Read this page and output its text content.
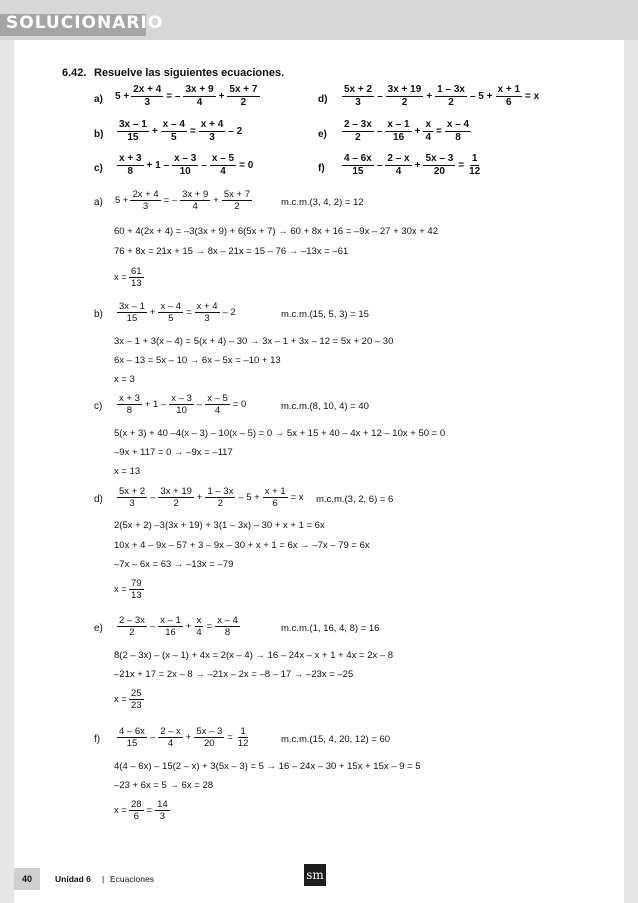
SOLUCIONARIO
6.42. Resuelve las siguientes ecuaciones.
a) $5 + \frac{2x + 4}{3}$ = – $\frac{3x + 9}{4} + \frac{5x + 7}{2}$	$d) \frac{5x + 2}{3} - \frac{3x + 19}{2} + \frac{1 - 3x}{2} - 5 + \frac{x + 1}{6} = x$
$b) \frac{3x - 1}{15} + \frac{x - 4}{5} = \frac{x + 4}{3} - 2$	$e) \frac{2 - 3x}{2} - \frac{x - 1}{16} + \frac{x}{4} = \frac{x - 4}{8}$
$c) \frac{x + 3}{8} + 1 - \frac{x - 3}{10} - \frac{x - 5}{4} = 0$	$f) \frac{4 - 6x}{15} - \frac{2 - x}{4} + \frac{5x - 3}{20} = \frac{1}{12}$
a) $5 + \frac{2x + 4}{3}$ = – $\frac{3x + 9}{4} + \frac{5x + 7}{2}$	m.c.m.(3, 4, 2) = 12
60 + 4(2x + 4) = –3(3x + 9) + 6(5x + 7) → 60 + 8x + 16 = –9x – 27 + 30x + 42
76 + 8x = 21x + 15 → 8x – 21x = 15 – 76 → –13x = –61
$x = \frac{61}{13}$
$b) \frac{3x - 1}{15} + \frac{x - 4}{5} = \frac{x + 4}{3} - 2$	m.c.m.(15, 5, 3) = 15
3x – 1 + 3(x – 4) = 5(x + 4) – 30 → 3x – 1 + 3x – 12 = 5x + 20 – 30
6x – 13 = 5x – 10 → 6x – 5x = –10 + 13
x = 3
$c) \frac{x + 3}{8} + 1 - \frac{x - 3}{10} - \frac{x - 5}{4} = 0$	m.c.m.(8, 10, 4) = 40
5(x + 3) + 40 –4(x – 3) – 10(x – 5) = 0 → 5x + 15 + 40 – 4x + 12 – 10x + 50 = 0
–9x + 117 = 0 → –9x = –117
x = 13
$d) \frac{5x + 2}{3} - \frac{3x + 19}{2} + \frac{1 - 3x}{2} - 5 + \frac{x + 1}{6} = x$ m.c.m.(3, 2, 6) = 6
2(5x + 2) –3(3x + 19) + 3(1 – 3x) – 30 + x + 1 = 6x
10x + 4 – 9x – 57 + 3 – 9x – 30 + x + 1 = 6x → –7x – 79 = 6x
–7x – 6x = 63 → –13x = –79
$x = \frac{79}{13}$
$e) \frac{2 - 3x}{2} - \frac{x - 1}{16} + \frac{x}{4} = \frac{x - 4}{8}$	m.c.m.(1, 16, 4, 8) = 16
8(2 – 3x) – (x – 1) + 4x = 2(x – 4) → 16 – 24x – x + 1 + 4x = 2x – 8
–21x + 17 = 2x – 8 → –21x – 2x = –8 – 17 → –23x = –25
$x = \frac{25}{23}$
$f) \frac{4 - 6x}{15} - \frac{2 - x}{4} + \frac{5x - 3}{20} = \frac{1}{12}$	m.c.m.(15, 4, 20, 12) = 60
4(4 – 6x) – 15(2 – x) + 3(5x – 3) = 5 → 16 – 24x – 30 + 15x + 15x – 9 = 5
–23 + 6x = 5 → 6x = 28
$x = \frac{28}{6} = \frac{14}{3}$
40	Unidad 6 | Ecuaciones	sm
